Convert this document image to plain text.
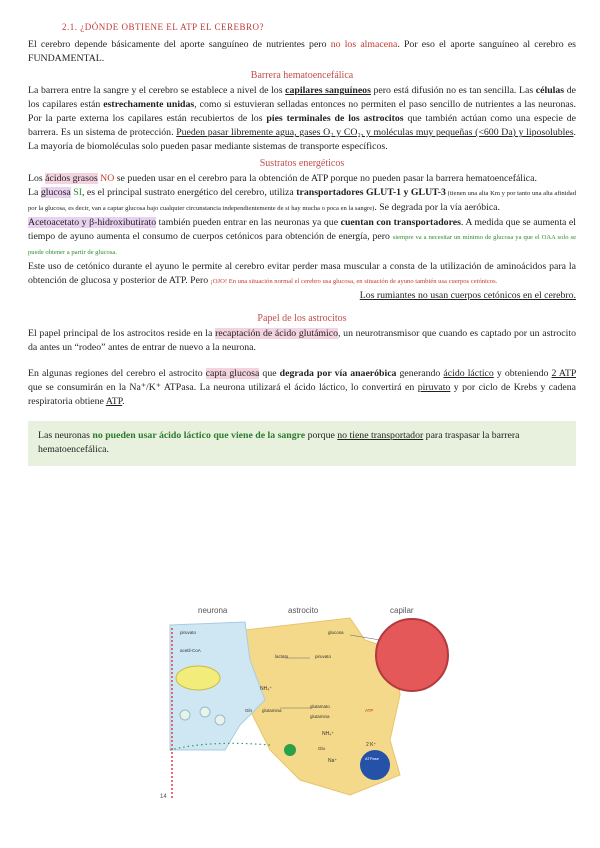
2.1. ¿DÓNDE OBTIENE EL ATP EL CEREBRO?

El cerebro depende básicamente del aporte sanguíneo de nutrientes pero no los almacena. Por eso el aporte sanguíneo al cerebro es FUNDAMENTAL.

Barrera hematoencefálica

La barrera entre la sangre y el cerebro se establece a nivel de los capilares sanguíneos pero está difusión no es tan sencilla. Las células de los capilares están estrechamente unidas, como si estuvieran selladas entonces no permiten el paso sencillo de nutrientes a las neuronas. Por la parte externa los capilares están recubiertos de los pies terminales de los astrocitos que también actúan como una especie de barrera. Es un sistema de protección. Pueden pasar libremente agua, gases O₂ y CO₂, y moléculas muy pequeñas (<600 Da) y liposolubles. La mayoría de biomoléculas solo pueden pasar mediante sistemas de transporte específicos.

Sustratos energéticos

Los ácidos grasos NO se pueden usar en el cerebro para la obtención de ATP porque no pueden pasar la barrera hematoencefálica.

La glucosa SI, es el principal sustrato energético del cerebro, utiliza transportadores GLUT-1 y GLUT-3 (tienen una alta Km y por tanto una alta afinidad por la glucosa, es decir, van a captar glucosa bajo cualquier circunstancia independientemente de si hay mucha o poca en la sangre). Se degrada por la vía aeróbica.

Acetoacetato y β-hidroxibutirato también pueden entrar en las neuronas ya que cuentan con transportadores. A medida que se aumenta el tiempo de ayuno aumenta el consumo de cuerpos cetónicos para obtención de energía, pero siempre va a necesitar un mínimo de glucosa ya que el OAA solo se puede obtener a partir de glucosa.

Este uso de cetónico durante el ayuno le permite al cerebro evitar perder masa muscular a consta de la utilización de aminoácidos para la obtención de glucosa y posterior de ATP. Pero ¡OJO! En una situación normal el cerebro usa glucosa, en situación de ayuno también usa cuerpos cetónicos.

Los rumiantes no usan cuerpos cetónicos en el cerebro.

Papel de los astrocitos

El papel principal de los astrocitos reside en la recaptación de ácido glutámico, un neurotransmisor que cuando es captado por un astrocito da antes un “rodeo” antes de entrar de nuevo a la neurona.

En algunas regiones del cerebro el astrocito capta glucosa que degrada por vía anaeróbica generando ácido láctico y obteniendo 2 ATP que se consumirán en la Na⁺/K⁺ ATPasa. La neurona utilizará el ácido láctico, lo convertirá en piruvato y por ciclo de Krebs y cadena respiratoria obtiene ATP.

Las neuronas no pueden usar ácido láctico que viene de la sangre porque no tiene transportador para traspasar la barrera hematoencefálica.
neurona	astrocito	capilar
piruvato
acetil-CoA
lactato	piruvato
glucosa
glutamina
glutamato
glutamina
NH₄⁺
NH₄⁺
Gln
Glu
Na⁺
2 K⁺
ATP
ATPase
14
